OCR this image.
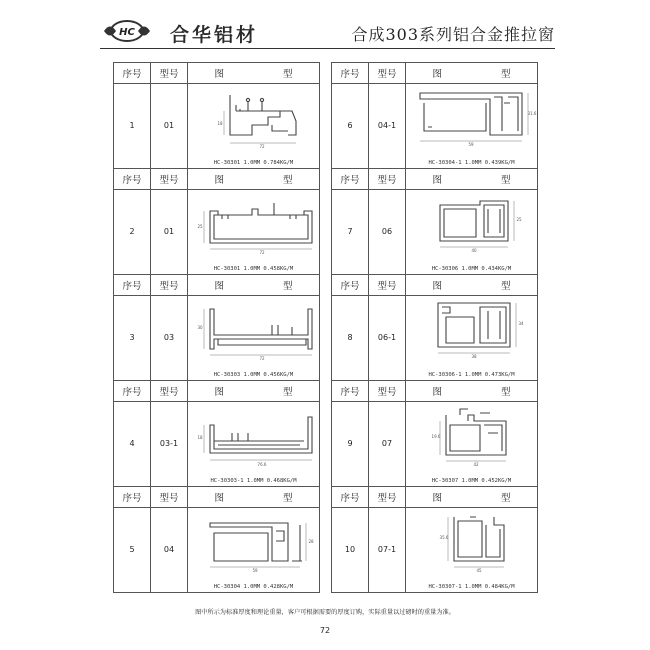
HC 合华铝材	合成303系列铝合金推拉窗
序号	型号	图 型
1	01
72
18
HC-30301 1.0MM 0.784KG/M
序号	型号	图 型
2	01
72
25
HC-30301 1.0MM 0.458KG/M
序号	型号	图 型
3	03
72
30
HC-30303 1.0MM 0.456KG/M
序号	型号	图 型
4	03-1
76.6
18
HC-30303-1 1.0MM 0.468KG/M
序号	型号	图 型
5	04
59
28
HC-30304 1.0MM 0.428KG/M
序号	型号	图 型
6	04-1
59
31.6
HC-30304-1 1.0MM 0.439KG/M
序号	型号	图 型
7	06
40
25
HC-30306 1.0MM 0.434KG/M
序号	型号	图 型
8	06-1
38
34
HC-30306-1 1.0MM 0.473KG/M
序号	型号	图 型
9	07
42
19.6
HC-30307 1.0MM 0.452KG/M
序号	型号	图 型
10	07-1
45
35.6
HC-30307-1 1.0MM 0.484KG/M
图中所示为标准厚度和理论重量，客户可根据需要的厚度订购，实际重量以过磅时的重量为准。
72
